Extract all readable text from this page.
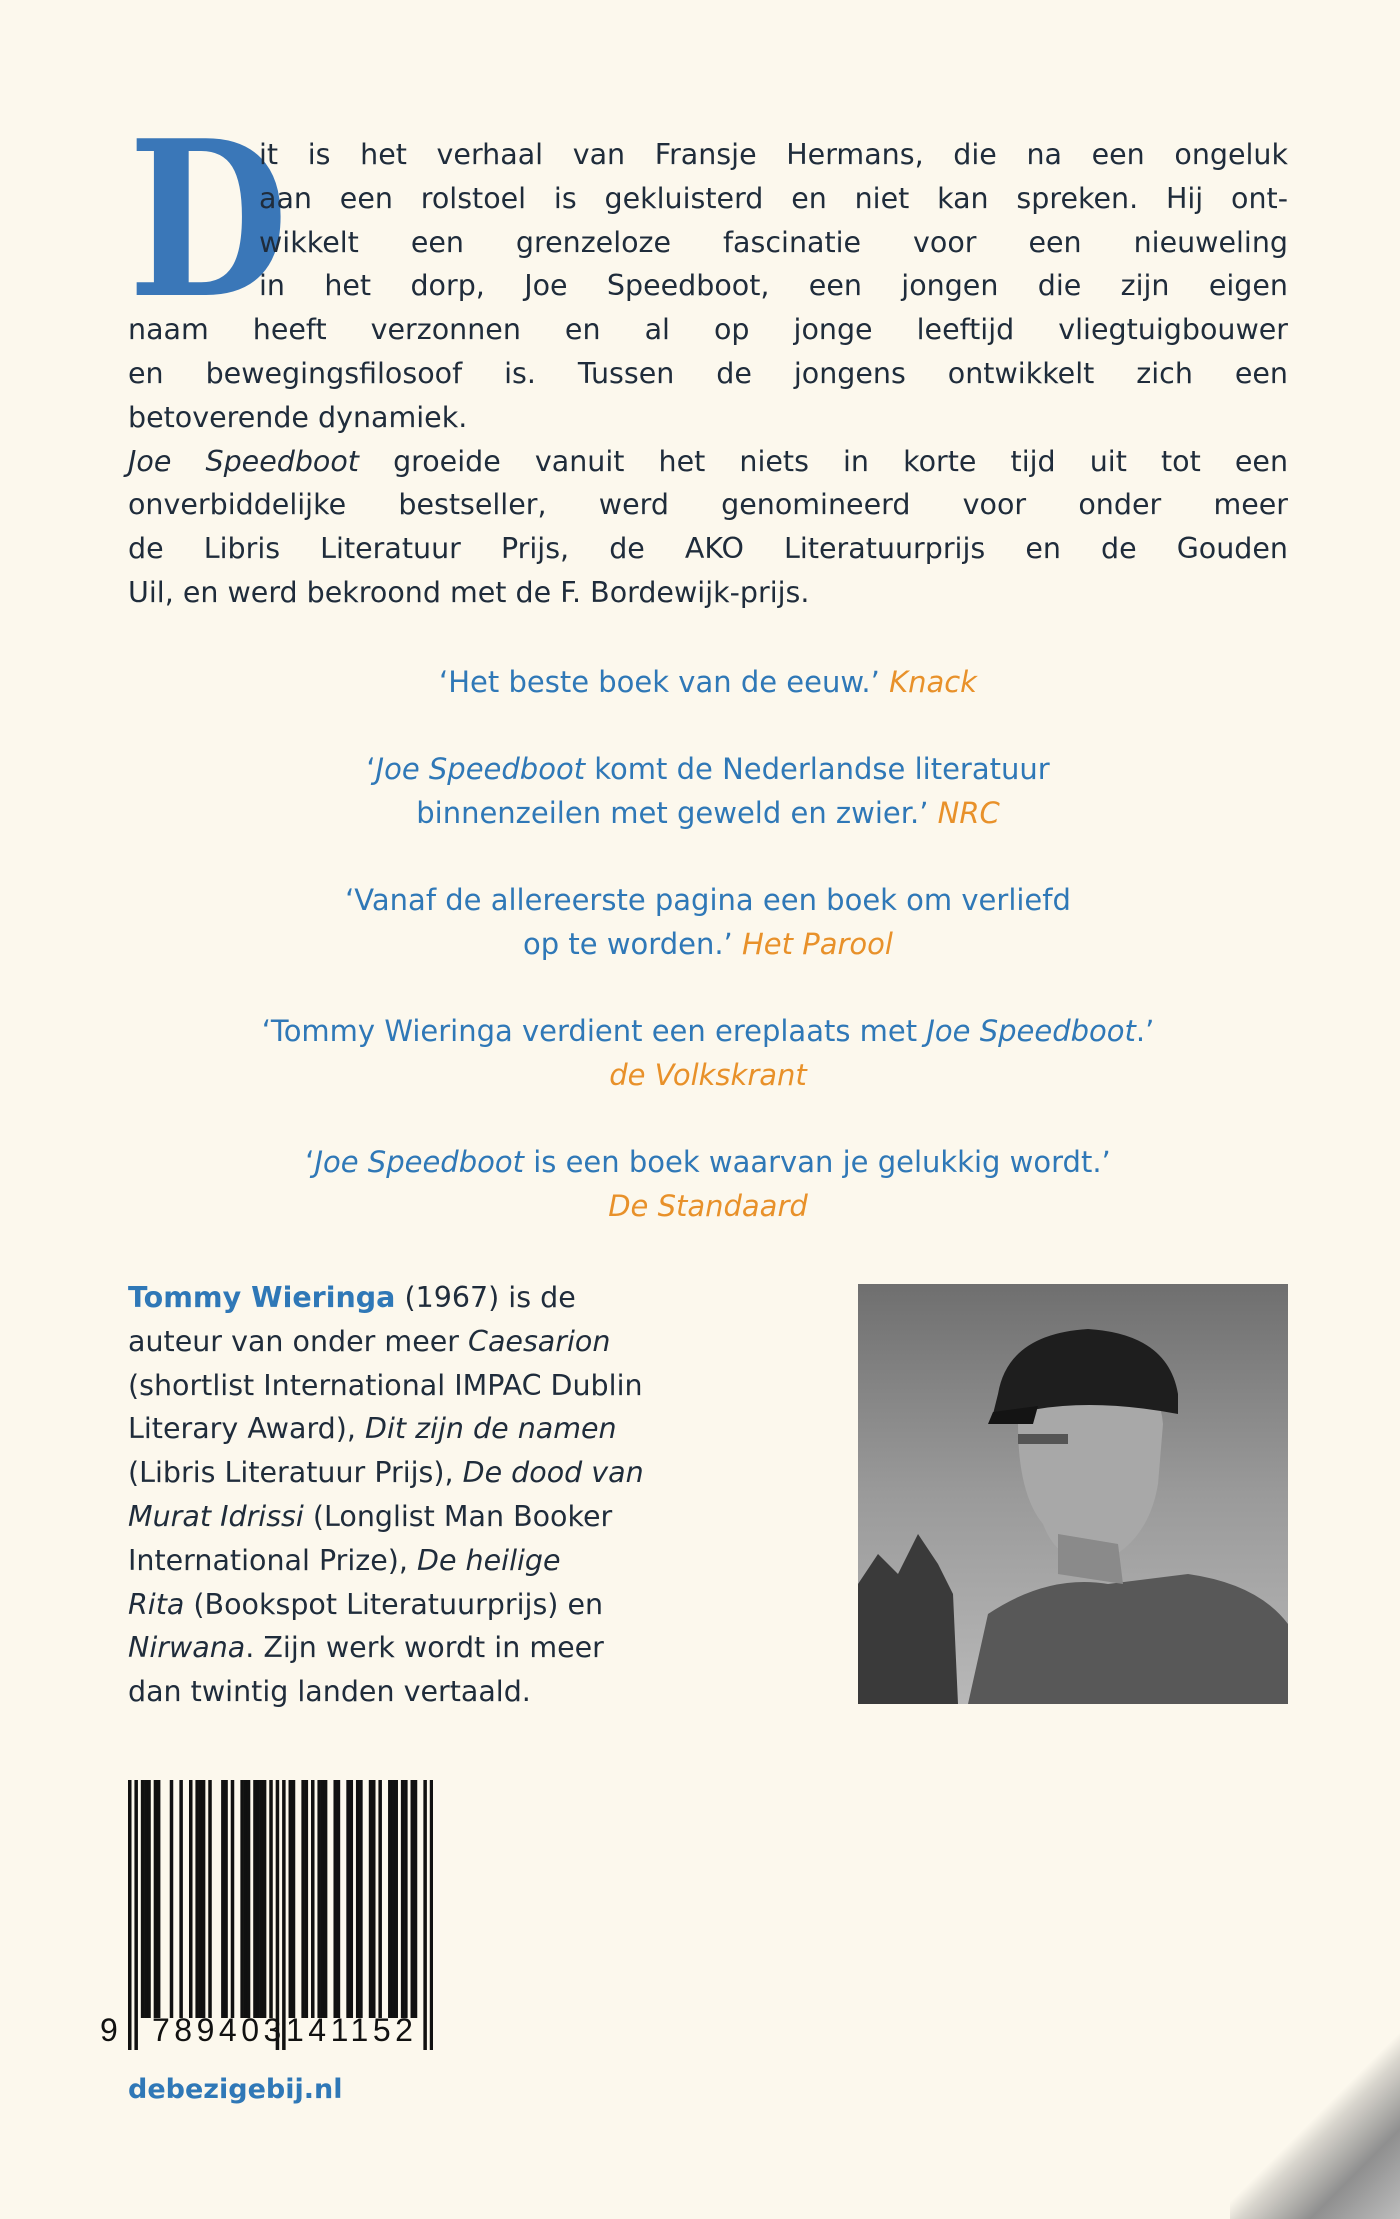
D
it is het verhaal van Fransje Hermans, die na een ongeluk
aan een rolstoel is gekluisterd en niet kan spreken. Hij ont-
wikkelt een grenzeloze fascinatie voor een nieuweling
in het dorp, Joe Speedboot, een jongen die zijn eigen
naam heeft verzonnen en al op jonge leeftijd vliegtuigbouwer
en bewegingsfilosoof is. Tussen de jongens ontwikkelt zich een
betoverende dynamiek.
Joe Speedboot groeide vanuit het niets in korte tijd uit tot een
onverbiddelijke bestseller, werd genomineerd voor onder meer
de Libris Literatuur Prijs, de AKO Literatuurprijs en de Gouden
Uil, en werd bekroond met de F. Bordewijk-prijs.
‘Het beste boek van de eeuw.’ Knack
‘Joe Speedboot komt de Nederlandse literatuur
binnenzeilen met geweld en zwier.’ NRC
‘Vanaf de allereerste pagina een boek om verliefd
op te worden.’ Het Parool
‘Tommy Wieringa verdient een ereplaats met Joe Speedboot.’
de Volkskrant
‘Joe Speedboot is een boek waarvan je gelukkig wordt.’
De Standaard
Tommy Wieringa (1967) is de
auteur van onder meer Caesarion
(shortlist International IMPAC Dublin
Literary Award), Dit zijn de namen
(Libris Literatuur Prijs), De dood van
Murat Idrissi (Longlist Man Booker
International Prize), De heilige
Rita (Bookspot Literatuurprijs) en
Nirwana. Zijn werk wordt in meer
dan twintig landen vertaald.
9 789403 141152
debezigebij.nl
